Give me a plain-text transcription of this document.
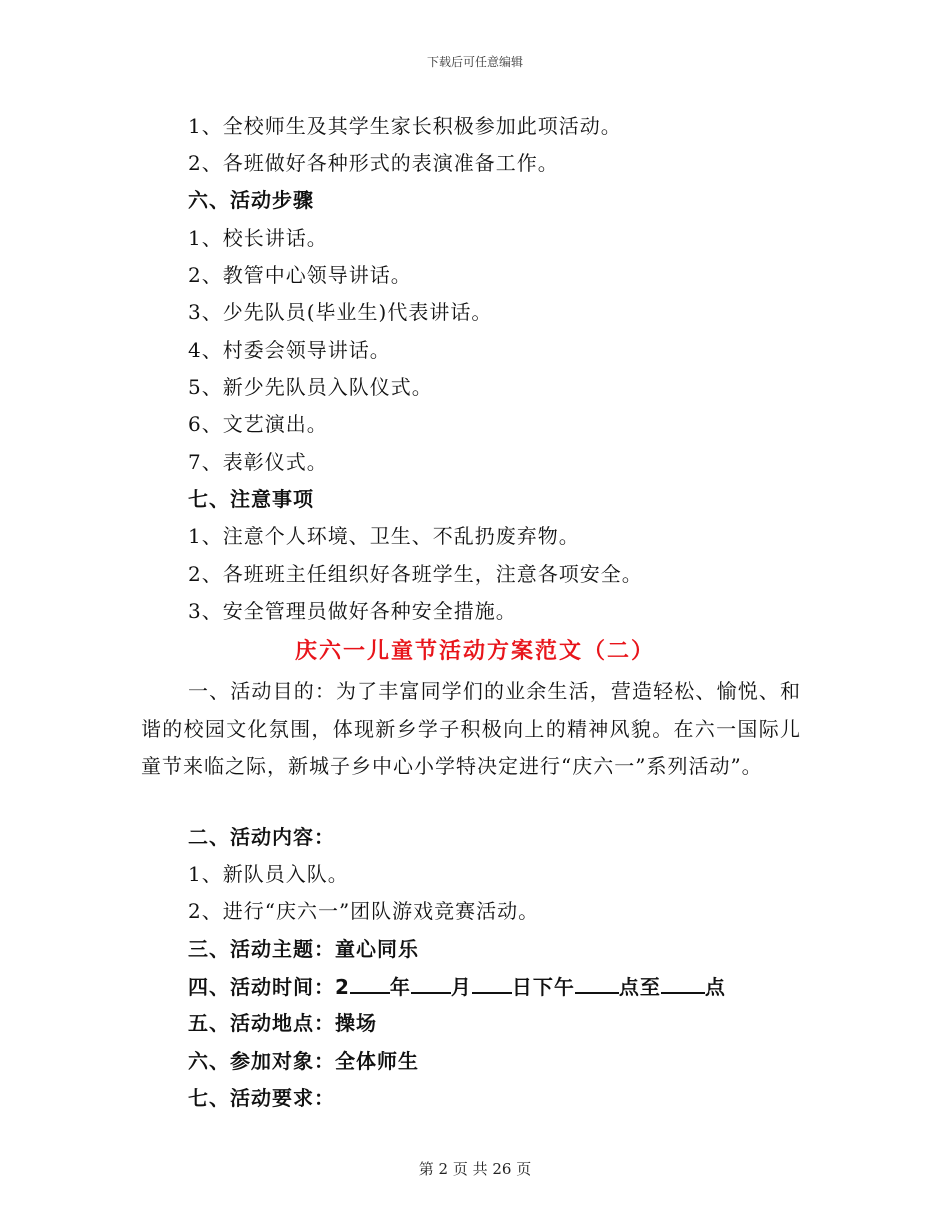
下载后可任意编辑
1、全校师生及其学生家长积极参加此项活动。
2、各班做好各种形式的表演准备工作。
六、活动步骤
1、校长讲话。
2、教管中心领导讲话。
3、少先队员(毕业生)代表讲话。
4、村委会领导讲话。
5、新少先队员入队仪式。
6、文艺演出。
7、表彰仪式。
七、注意事项
1、注意个人环境、卫生、不乱扔废弃物。
2、各班班主任组织好各班学生，注意各项安全。
3、安全管理员做好各种安全措施。
庆六一儿童节活动方案范文（二）
一、活动目的：为了丰富同学们的业余生活，营造轻松、愉悦、和谐的校园文化氛围，体现新乡学子积极向上的精神风貌。在六一国际儿童节来临之际，新城子乡中心小学特决定进行“庆六一”系列活动”。
二、活动内容：
1、新队员入队。
2、进行“庆六一”团队游戏竞赛活动。
三、活动主题：童心同乐
四、活动时间：2 年 月 日下午 点至 点
五、活动地点：操场
六、参加对象：全体师生
七、活动要求：
第 2 页 共 26 页
